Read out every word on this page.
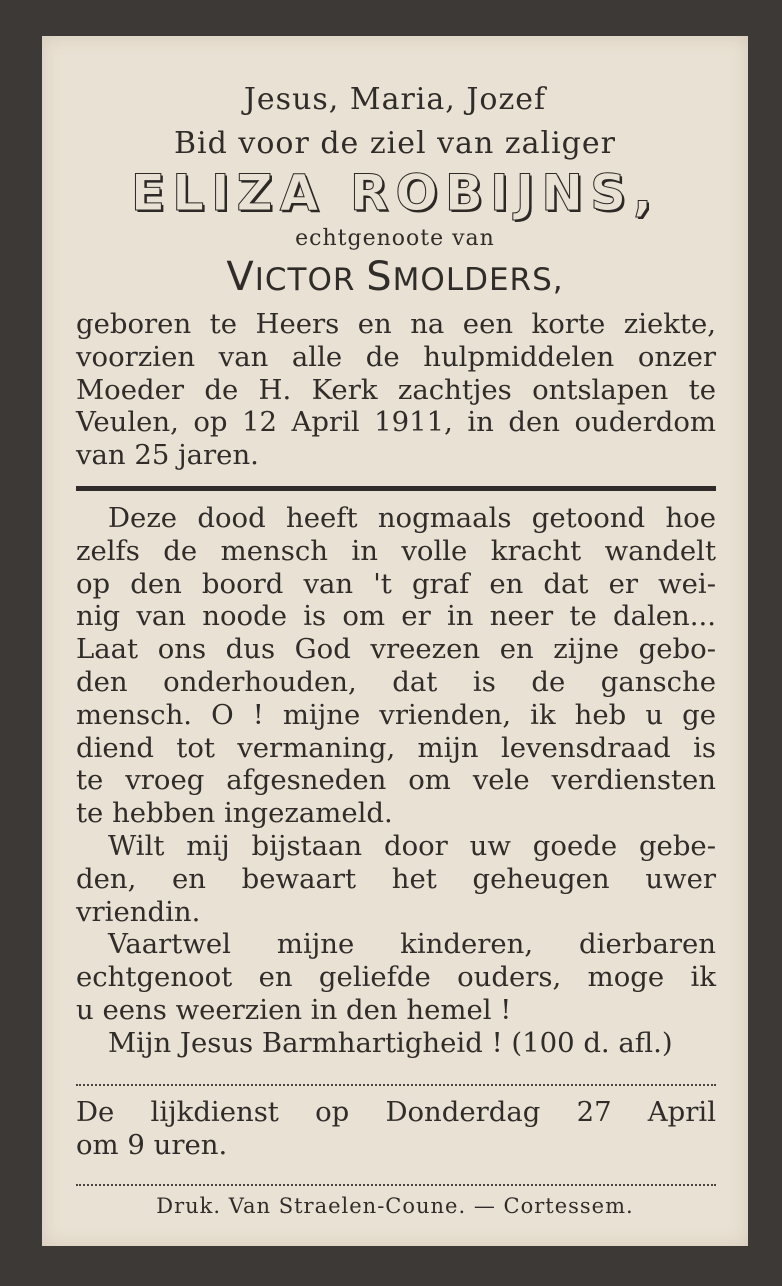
Jesus, Maria, Jozef
Bid voor de ziel van zaliger
ELIZA ROBIJNS,
echtgenoote van
VICTOR SMOLDERS,
geboren te Heers en na een korte ziekte,
voorzien van alle de hulpmiddelen onzer
Moeder de H. Kerk zachtjes ontslapen te
Veulen, op 12 April 1911, in den ouderdom
van 25 jaren.
Deze dood heeft nogmaals getoond hoe
zelfs de mensch in volle kracht wandelt
op den boord van 't graf en dat er wei-
nig van noode is om er in neer te dalen...
Laat ons dus God vreezen en zijne gebo-
den onderhouden, dat is de gansche
mensch. O ! mijne vrienden, ik heb u ge
diend tot vermaning, mijn levensdraad is
te vroeg afgesneden om vele verdiensten
te hebben ingezameld.
Wilt mij bijstaan door uw goede gebe-
den, en bewaart het geheugen uwer
vriendin.
Vaartwel mijne kinderen, dierbaren
echtgenoot en geliefde ouders, moge ik
u eens weerzien in den hemel !
Mijn Jesus Barmhartigheid ! (100 d. afl.)
De lijkdienst op Donderdag 27 April
om 9 uren.
Druk. Van Straelen-Coune. — Cortessem.
